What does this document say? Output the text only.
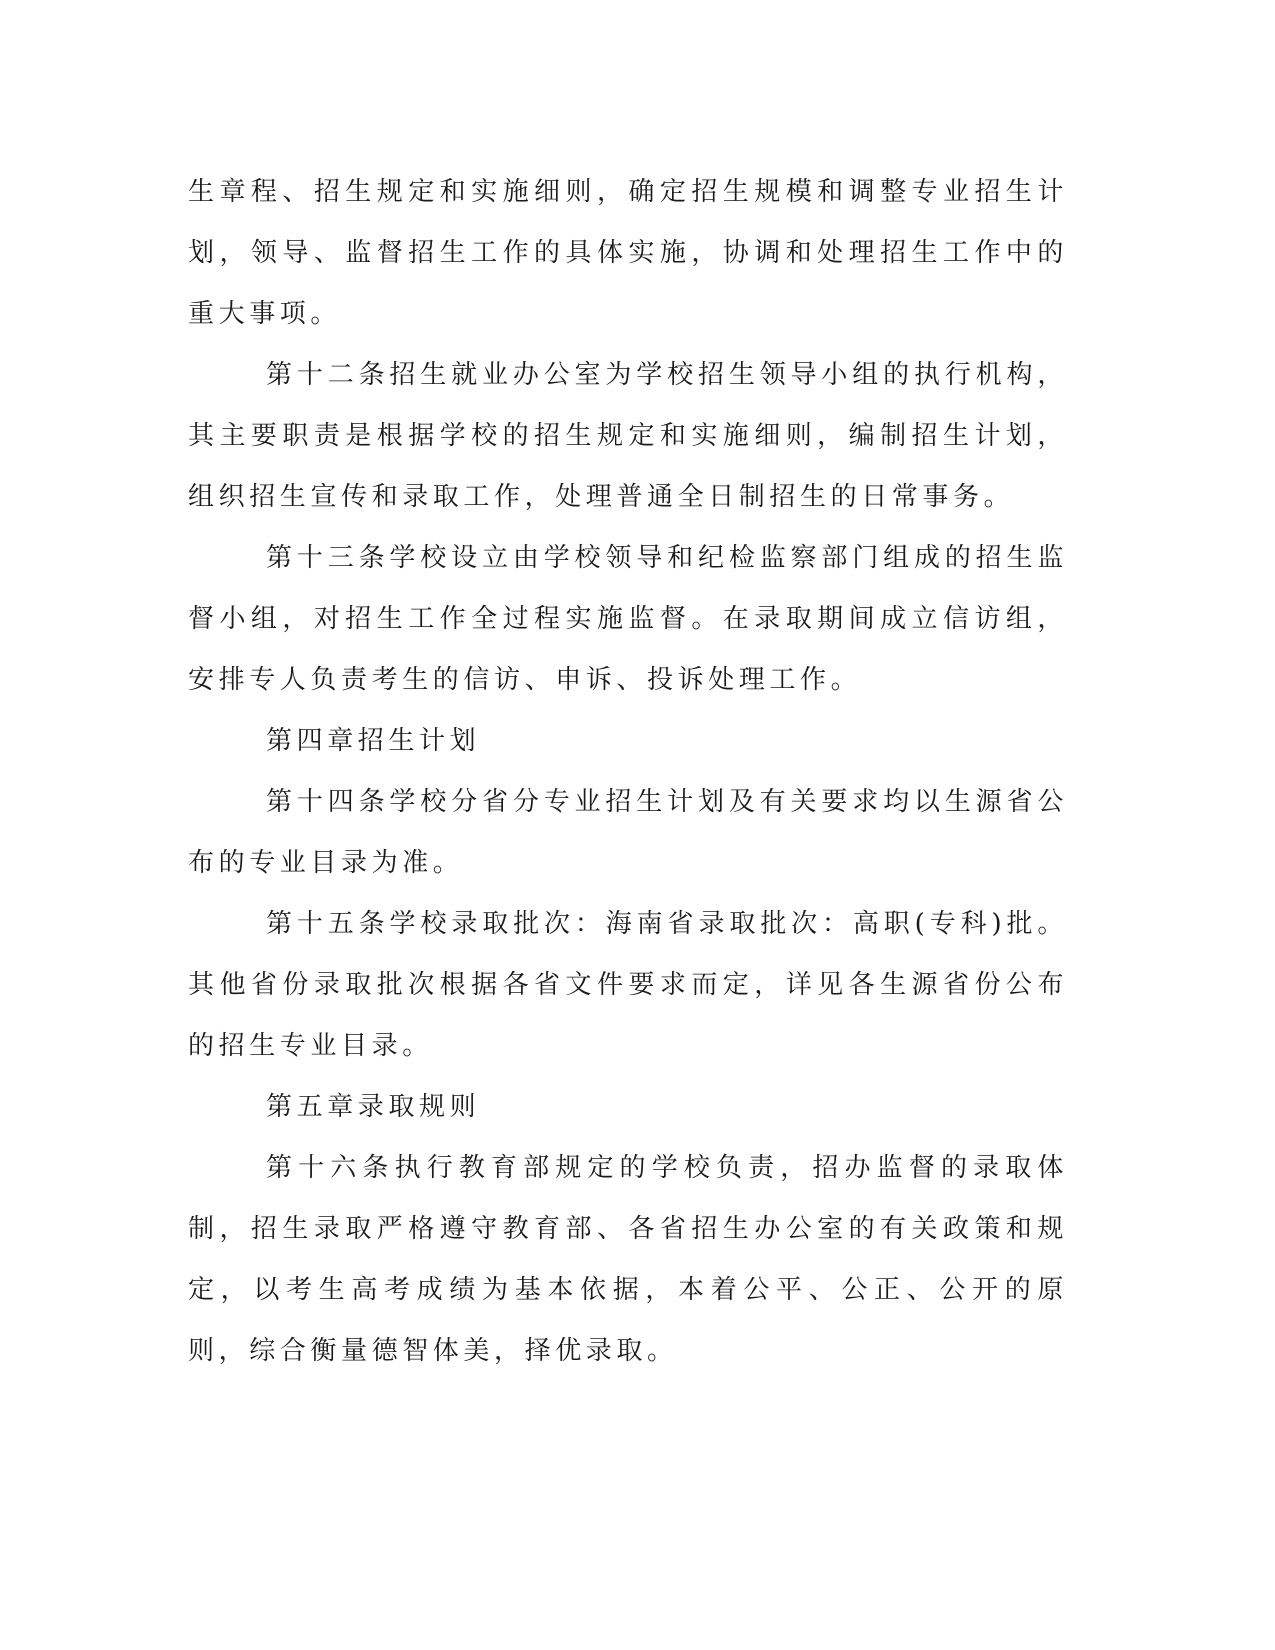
生章程、招生规定和实施细则，确定招生规模和调整专业招生计划，领导、监督招生工作的具体实施，协调和处理招生工作中的重大事项。

第十二条招生就业办公室为学校招生领导小组的执行机构，其主要职责是根据学校的招生规定和实施细则，编制招生计划，组织招生宣传和录取工作，处理普通全日制招生的日常事务。

第十三条学校设立由学校领导和纪检监察部门组成的招生监督小组，对招生工作全过程实施监督。在录取期间成立信访组，安排专人负责考生的信访、申诉、投诉处理工作。

第四章招生计划

第十四条学校分省分专业招生计划及有关要求均以生源省公布的专业目录为准。

第十五条学校录取批次：海南省录取批次：高职(专科)批。其他省份录取批次根据各省文件要求而定，详见各生源省份公布的招生专业目录。

第五章录取规则

第十六条执行教育部规定的学校负责，招办监督的录取体制，招生录取严格遵守教育部、各省招生办公室的有关政策和规定，以考生高考成绩为基本依据，本着公平、公正、公开的原则，综合衡量德智体美，择优录取。
